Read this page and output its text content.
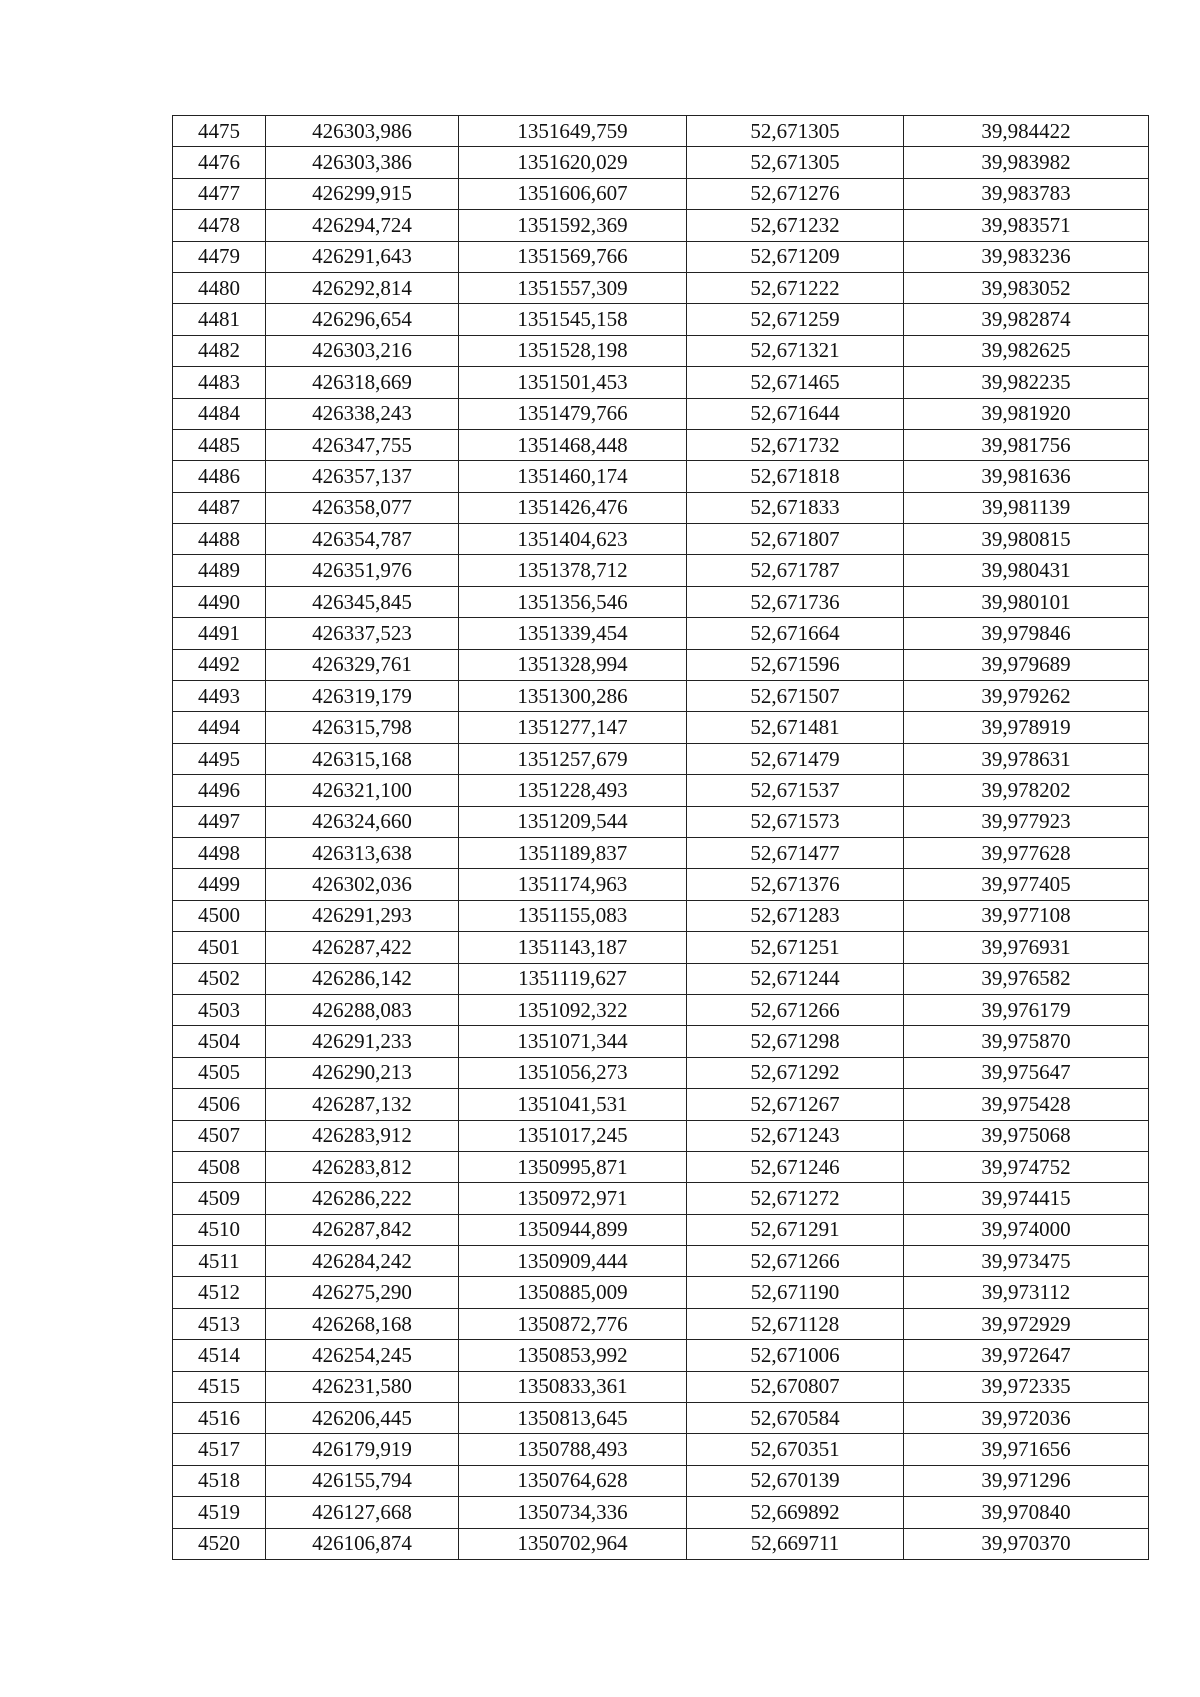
4475	426303,986	1351649,759	52,671305	39,984422
4476	426303,386	1351620,029	52,671305	39,983982
4477	426299,915	1351606,607	52,671276	39,983783
4478	426294,724	1351592,369	52,671232	39,983571
4479	426291,643	1351569,766	52,671209	39,983236
4480	426292,814	1351557,309	52,671222	39,983052
4481	426296,654	1351545,158	52,671259	39,982874
4482	426303,216	1351528,198	52,671321	39,982625
4483	426318,669	1351501,453	52,671465	39,982235
4484	426338,243	1351479,766	52,671644	39,981920
4485	426347,755	1351468,448	52,671732	39,981756
4486	426357,137	1351460,174	52,671818	39,981636
4487	426358,077	1351426,476	52,671833	39,981139
4488	426354,787	1351404,623	52,671807	39,980815
4489	426351,976	1351378,712	52,671787	39,980431
4490	426345,845	1351356,546	52,671736	39,980101
4491	426337,523	1351339,454	52,671664	39,979846
4492	426329,761	1351328,994	52,671596	39,979689
4493	426319,179	1351300,286	52,671507	39,979262
4494	426315,798	1351277,147	52,671481	39,978919
4495	426315,168	1351257,679	52,671479	39,978631
4496	426321,100	1351228,493	52,671537	39,978202
4497	426324,660	1351209,544	52,671573	39,977923
4498	426313,638	1351189,837	52,671477	39,977628
4499	426302,036	1351174,963	52,671376	39,977405
4500	426291,293	1351155,083	52,671283	39,977108
4501	426287,422	1351143,187	52,671251	39,976931
4502	426286,142	1351119,627	52,671244	39,976582
4503	426288,083	1351092,322	52,671266	39,976179
4504	426291,233	1351071,344	52,671298	39,975870
4505	426290,213	1351056,273	52,671292	39,975647
4506	426287,132	1351041,531	52,671267	39,975428
4507	426283,912	1351017,245	52,671243	39,975068
4508	426283,812	1350995,871	52,671246	39,974752
4509	426286,222	1350972,971	52,671272	39,974415
4510	426287,842	1350944,899	52,671291	39,974000
4511	426284,242	1350909,444	52,671266	39,973475
4512	426275,290	1350885,009	52,671190	39,973112
4513	426268,168	1350872,776	52,671128	39,972929
4514	426254,245	1350853,992	52,671006	39,972647
4515	426231,580	1350833,361	52,670807	39,972335
4516	426206,445	1350813,645	52,670584	39,972036
4517	426179,919	1350788,493	52,670351	39,971656
4518	426155,794	1350764,628	52,670139	39,971296
4519	426127,668	1350734,336	52,669892	39,970840
4520	426106,874	1350702,964	52,669711	39,970370
